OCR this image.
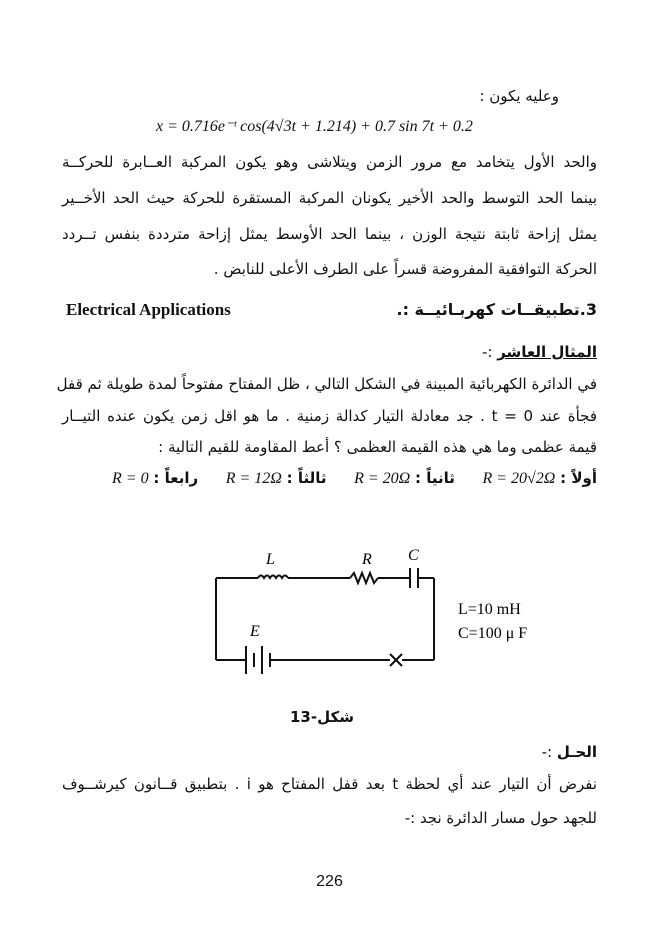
وعليه يكون :
x = 0.716e⁻ᵗ cos(4√3t + 1.214) + 0.7 sin 7t + 0.2
والحد الأول يتخامد مع مرور الزمن ويتلاشى وهو يكون المركبة العــابرة للحركــة
بينما الحد التوسط والحد الأخير يكونان المركبة المستقرة للحركة حيث الحد الأخــير
يمثل إزاحة ثابتة نتيجة الوزن ، بينما الحد الأوسط يمثل إزاحة مترددة بنفس تــردد
الحركة التوافقية المفروضة قسراً على الطرف الأعلى للنابض .
Electrical Applications	3.تطبيقــات كهربـائيــة :.
المثال العاشر :-
في الدائرة الكهربائية المبينة في الشكل التالي ، ظل المفتاح مفتوحاً لمدة طويلة ثم قفل
فجأة عند t = 0 . جد معادلة التيار كدالة زمنية . ما هو اقل زمن يكون عنده التيــار
قيمة عظمى وما هي هذه القيمة العظمى ؟ أعط المقاومة للقيم التالية :
أولاً : R = 20√2Ω
ثانياً : R = 20Ω
ثالثاً : R = 12Ω
رابعاً : R = 0
L	R C
E
L=10 mH
C=100 μ F
شكل-13
الحـل :-
نفرض أن التيار عند أي لحظة t بعد قفل المفتاح هو i . بتطبيق قــانون كيرشــوف
للجهد حول مسار الدائرة نجد :-
226
